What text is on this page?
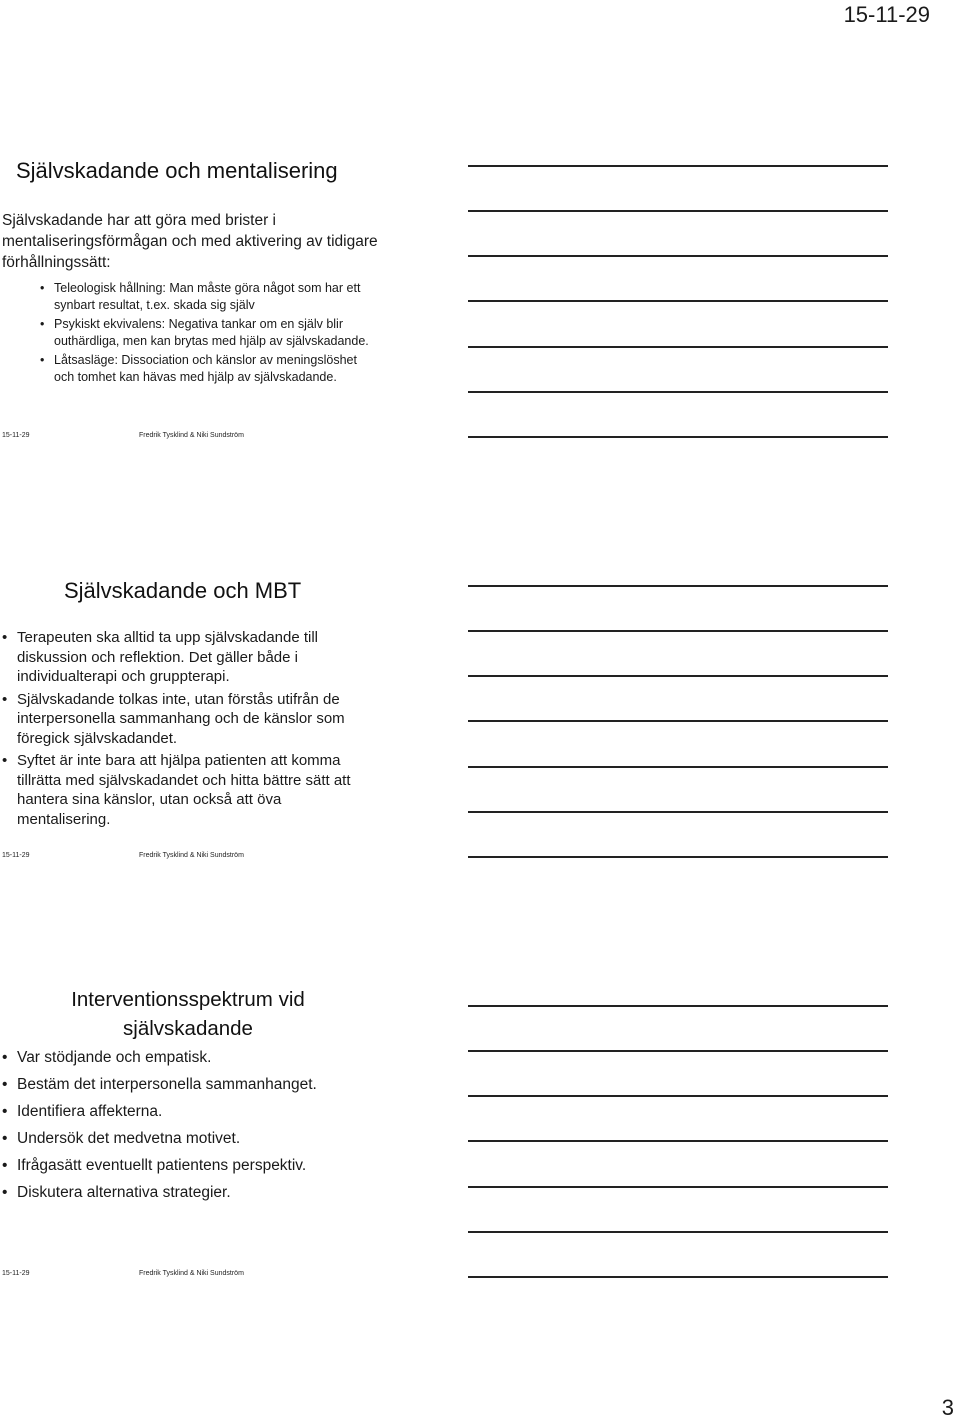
15-11-29
Självskadande och mentalisering

Självskadande har att göra med brister i mentaliseringsförmågan och med aktivering av tidigare förhållningssätt:

• Teleologisk hållning: Man måste göra något som har ett synbart resultat, t.ex. skada sig själv
• Psykiskt ekvivalens: Negativa tankar om en själv blir outhärdliga, men kan brytas med hjälp av självskadande.
• Låtsasläge: Dissociation och känslor av meningslöshet och tomhet kan hävas med hjälp av självskadande.
15-11-29	Fredrik Tysklind & Niki Sundström
Självskadande och MBT
• Terapeuten ska alltid ta upp självskadande till diskussion och reflektion. Det gäller både i individualterapi och gruppterapi.
• Självskadande tolkas inte, utan förstås utifrån de interpersonella sammanhang och de känslor som föregick självskadandet.
• Syftet är inte bara att hjälpa patienten att komma tillrätta med självskadandet och hitta bättre sätt att hantera sina känslor, utan också att öva mentalisering.
15-11-29	Fredrik Tysklind & Niki Sundström
Interventionsspektrum vid självskadande
• Var stödjande och empatisk.
• Bestäm det interpersonella sammanhanget.
• Identifiera affekterna.
• Undersök det medvetna motivet.
• Ifrågasätt eventuellt patientens perspektiv.
• Diskutera alternativa strategier.
15-11-29	Fredrik Tysklind & Niki Sundström
3
